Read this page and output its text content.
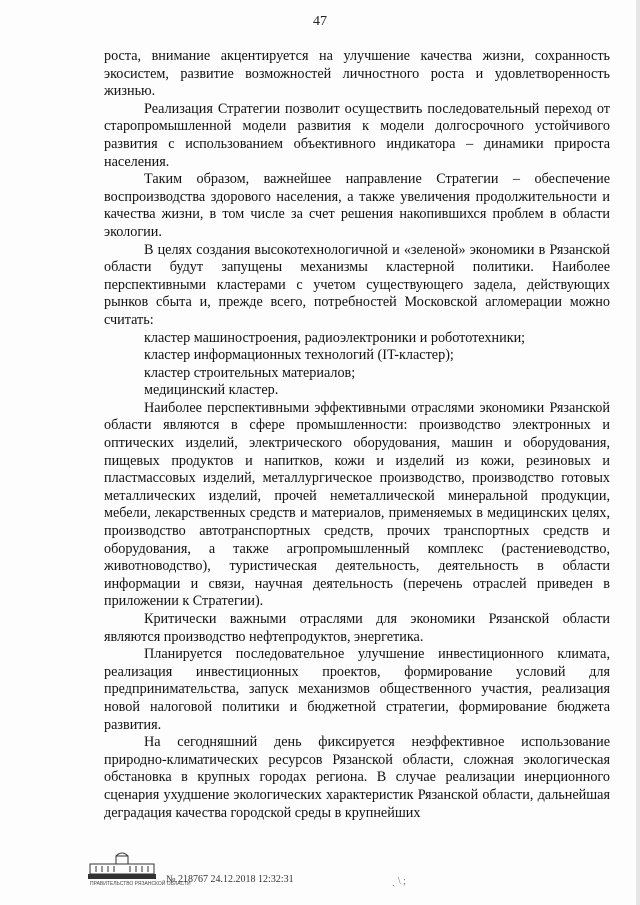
47

роста, внимание акцентируется на улучшение качества жизни, сохранность экосистем, развитие возможностей личностного роста и удовлетворенность жизнью.

Реализация Стратегии позволит осуществить последовательный переход от старопромышленной модели развития к модели долгосрочного устойчивого развития с использованием объективного индикатора – динамики прироста населения.

Таким образом, важнейшее направление Стратегии – обеспечение воспроизводства здорового населения, а также увеличения продолжительности и качества жизни, в том числе за счет решения накопившихся проблем в области экологии.

В целях создания высокотехнологичной и «зеленой» экономики в Рязанской области будут запущены механизмы кластерной политики. Наиболее перспективными кластерами с учетом существующего задела, действующих рынков сбыта и, прежде всего, потребностей Московской агломерации можно считать:

кластер машиностроения, радиоэлектроники и робототехники;

кластер информационных технологий (IT-кластер);

кластер строительных материалов;

медицинский кластер.

Наиболее перспективными эффективными отраслями экономики Рязанской области являются в сфере промышленности: производство электронных и оптических изделий, электрического оборудования, машин и оборудования, пищевых продуктов и напитков, кожи и изделий из кожи, резиновых и пластмассовых изделий, металлургическое производство, производство готовых металлических изделий, прочей неметаллической минеральной продукции, мебели, лекарственных средств и материалов, применяемых в медицинских целях, производство автотранспортных средств, прочих транспортных средств и оборудования, а также агропромышленный комплекс (растениеводство, животноводство), туристическая деятельность, деятельность в области информации и связи, научная деятельность (перечень отраслей приведен в приложении к Стратегии).

Критически важными отраслями для экономики Рязанской области являются производство нефтепродуктов, энергетика.

Планируется последовательное улучшение инвестиционного климата, реализация инвестиционных проектов, формирование условий для предпринимательства, запуск механизмов общественного участия, реализация новой налоговой политики и бюджетной стратегии, формирование бюджета развития.

На сегодняшний день фиксируется неэффективное использование природно-климатических ресурсов Рязанской области, сложная экологическая обстановка в крупных городах региона. В случае реализации инерционного сценария ухудшение экологических характеристик Рязанской области, дальнейшая деградация качества городской среды в крупнейших

ПРАВИТЕЛЬСТВО РЯЗАНСКОЙ ОБЛАСТИ
№ 218767 24.12.2018 12:32:31	ˎ \ ;
